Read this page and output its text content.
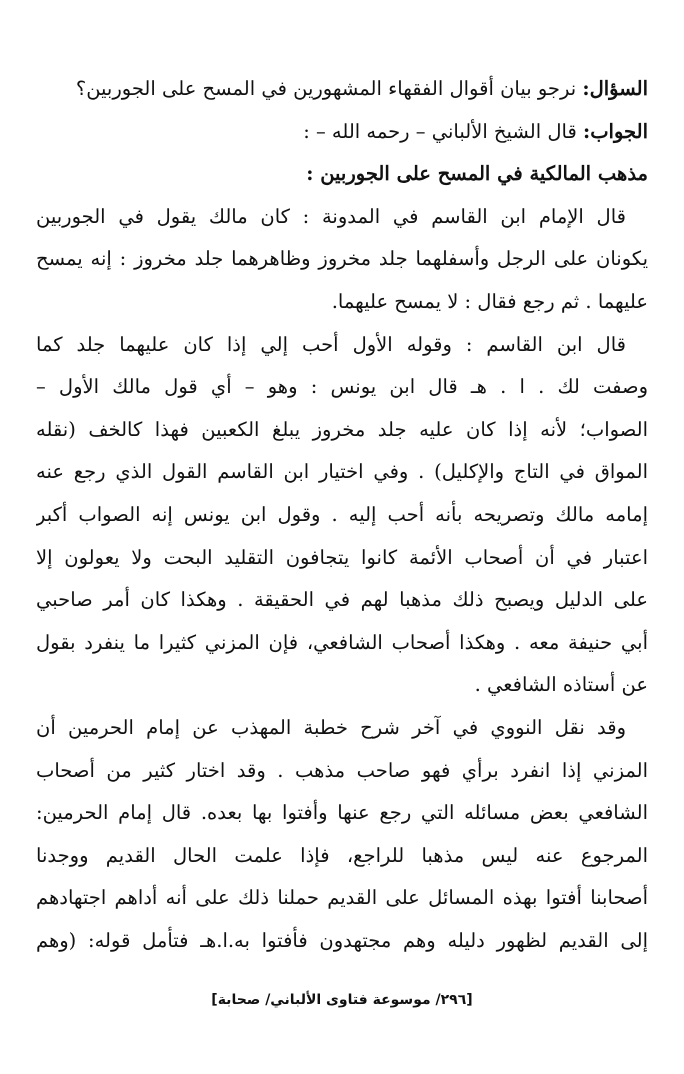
السؤال: نرجو بيان أقوال الفقهاء المشهورين في المسح على الجوربين؟
الجواب: قال الشيخ الألباني – رحمه الله – :
مذهب المالكية في المسح على الجوربين :
قال الإمام ابن القاسم في المدونة : كان مالك يقول في الجوربين
يكونان على الرجل وأسفلهما جلد مخروز وظاهرهما جلد مخروز : إنه يمسح
عليهما . ثم رجع فقال : لا يمسح عليهما.
قال ابن القاسم : وقوله الأول أحب إلي إذا كان عليهما جلد كما
وصفت لك . ا . هـ قال ابن يونس : وهو – أي قول مالك الأول –
الصواب؛ لأنه إذا كان عليه جلد مخروز يبلغ الكعبين فهذا كالخف (نقله
المواق في التاج والإكليل) . وفي اختيار ابن القاسم القول الذي رجع عنه
إمامه مالك وتصريحه بأنه أحب إليه . وقول ابن يونس إنه الصواب أكبر
اعتبار في أن أصحاب الأئمة كانوا يتجافون التقليد البحت ولا يعولون إلا
على الدليل ويصبح ذلك مذهبا لهم في الحقيقة . وهكذا كان أمر صاحبي
أبي حنيفة معه . وهكذا أصحاب الشافعي، فإن المزني كثيرا ما ينفرد بقول
عن أستاذه الشافعي .
وقد نقل النووي في آخر شرح خطبة المهذب عن إمام الحرمين أن
المزني إذا انفرد برأي فهو صاحب مذهب . وقد اختار كثير من أصحاب
الشافعي بعض مسائله التي رجع عنها وأفتوا بها بعده. قال إمام الحرمين:
المرجوع عنه ليس مذهبا للراجع، فإذا علمت الحال القديم ووجدنا
أصحابنا أفتوا بهذه المسائل على القديم حملنا ذلك على أنه أداهم اجتهادهم
إلى القديم لظهور دليله وهم مجتهدون فأفتوا به.ا.هـ فتأمل قوله: (وهم
[٢٩٦/ موسوعة فتاوى الألباني/ صحابة]
